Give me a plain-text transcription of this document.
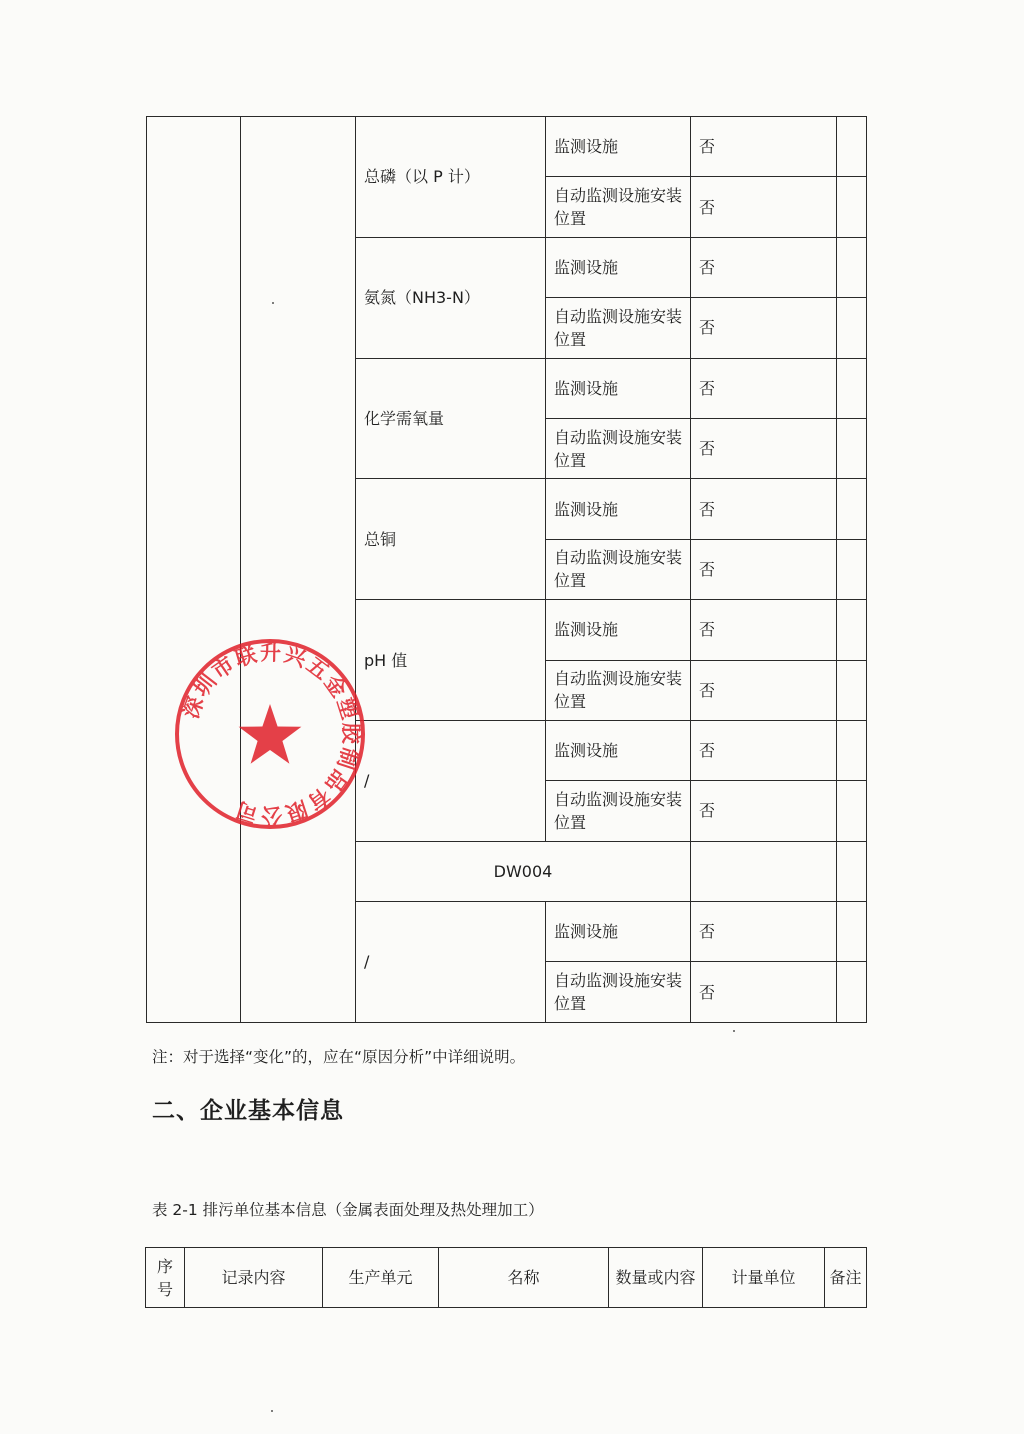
		总磷（以 P 计）	监测设施	否	
			自动监测设施安装位置	否	
		氨氮（NH3-N）	监测设施	否	
			自动监测设施安装位置	否	
		化学需氧量	监测设施	否	
			自动监测设施安装位置	否	
		总铜	监测设施	否	
			自动监测设施安装位置	否	
		pH 值	监测设施	否	
			自动监测设施安装位置	否	
		/	监测设施	否	
			自动监测设施安装位置	否	
		DW004			
		/	监测设施	否	
			自动监测设施安装位置	否	
深圳市联升兴五金塑胶制品有限公司
注：对于选择“变化”的，应在“原因分析”中详细说明。
二、企业基本信息
表 2-1 排污单位基本信息（金属表面处理及热处理加工）
序号	记录内容	生产单元	名称	数量或内容	计量单位	备注
